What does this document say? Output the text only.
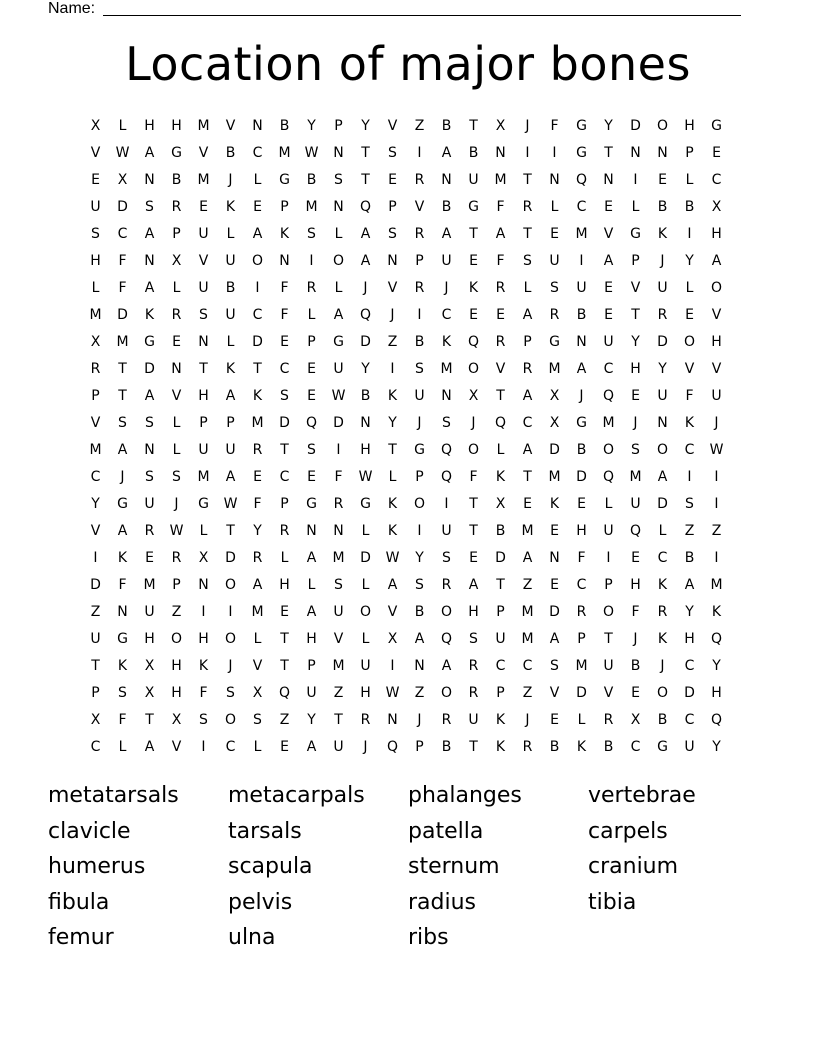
Name:
Location of major bones
X	L	H	H	M	V	N	B	Y	P	Y	V	Z	B	T	X	J	F	G	Y	D	O	H	G
V	W	A	G	V	B	C	M	W	N	T	S	I	A	B	N	I	I	G	T	N	N	P	E
E	X	N	B	M	J	L	G	B	S	T	E	R	N	U	M	T	N	Q	N	I	E	L	C
U	D	S	R	E	K	E	P	M	N	Q	P	V	B	G	F	R	L	C	E	L	B	B	X
S	C	A	P	U	L	A	K	S	L	A	S	R	A	T	A	T	E	M	V	G	K	I	H
H	F	N	X	V	U	O	N	I	O	A	N	P	U	E	F	S	U	I	A	P	J	Y	A
L	F	A	L	U	B	I	F	R	L	J	V	R	J	K	R	L	S	U	E	V	U	L	O
M	D	K	R	S	U	C	F	L	A	Q	J	I	C	E	E	A	R	B	E	T	R	E	V
X	M	G	E	N	L	D	E	P	G	D	Z	B	K	Q	R	P	G	N	U	Y	D	O	H
R	T	D	N	T	K	T	C	E	U	Y	I	S	M	O	V	R	M	A	C	H	Y	V	V
P	T	A	V	H	A	K	S	E	W	B	K	U	N	X	T	A	X	J	Q	E	U	F	U
V	S	S	L	P	P	M	D	Q	D	N	Y	J	S	J	Q	C	X	G	M	J	N	K	J
M	A	N	L	U	U	R	T	S	I	H	T	G	Q	O	L	A	D	B	O	S	O	C	W
C	J	S	S	M	A	E	C	E	F	W	L	P	Q	F	K	T	M	D	Q	M	A	I	I
Y	G	U	J	G	W	F	P	G	R	G	K	O	I	T	X	E	K	E	L	U	D	S	I
V	A	R	W	L	T	Y	R	N	N	L	K	I	U	T	B	M	E	H	U	Q	L	Z	Z
I	K	E	R	X	D	R	L	A	M	D	W	Y	S	E	D	A	N	F	I	E	C	B	I
D	F	M	P	N	O	A	H	L	S	L	A	S	R	A	T	Z	E	C	P	H	K	A	M
Z	N	U	Z	I	I	M	E	A	U	O	V	B	O	H	P	M	D	R	O	F	R	Y	K
U	G	H	O	H	O	L	T	H	V	L	X	A	Q	S	U	M	A	P	T	J	K	H	Q
T	K	X	H	K	J	V	T	P	M	U	I	N	A	R	C	C	S	M	U	B	J	C	Y
P	S	X	H	F	S	X	Q	U	Z	H	W	Z	O	R	P	Z	V	D	V	E	O	D	H
X	F	T	X	S	O	S	Z	Y	T	R	N	J	R	U	K	J	E	L	R	X	B	C	Q
C	L	A	V	I	C	L	E	A	U	J	Q	P	B	T	K	R	B	K	B	C	G	U	Y
metatarsals	metacarpals	phalanges	vertebrae
clavicle	tarsals	patella	carpels
humerus	scapula	sternum	cranium
fibula	pelvis	radius	tibia
femur	ulna	ribs
